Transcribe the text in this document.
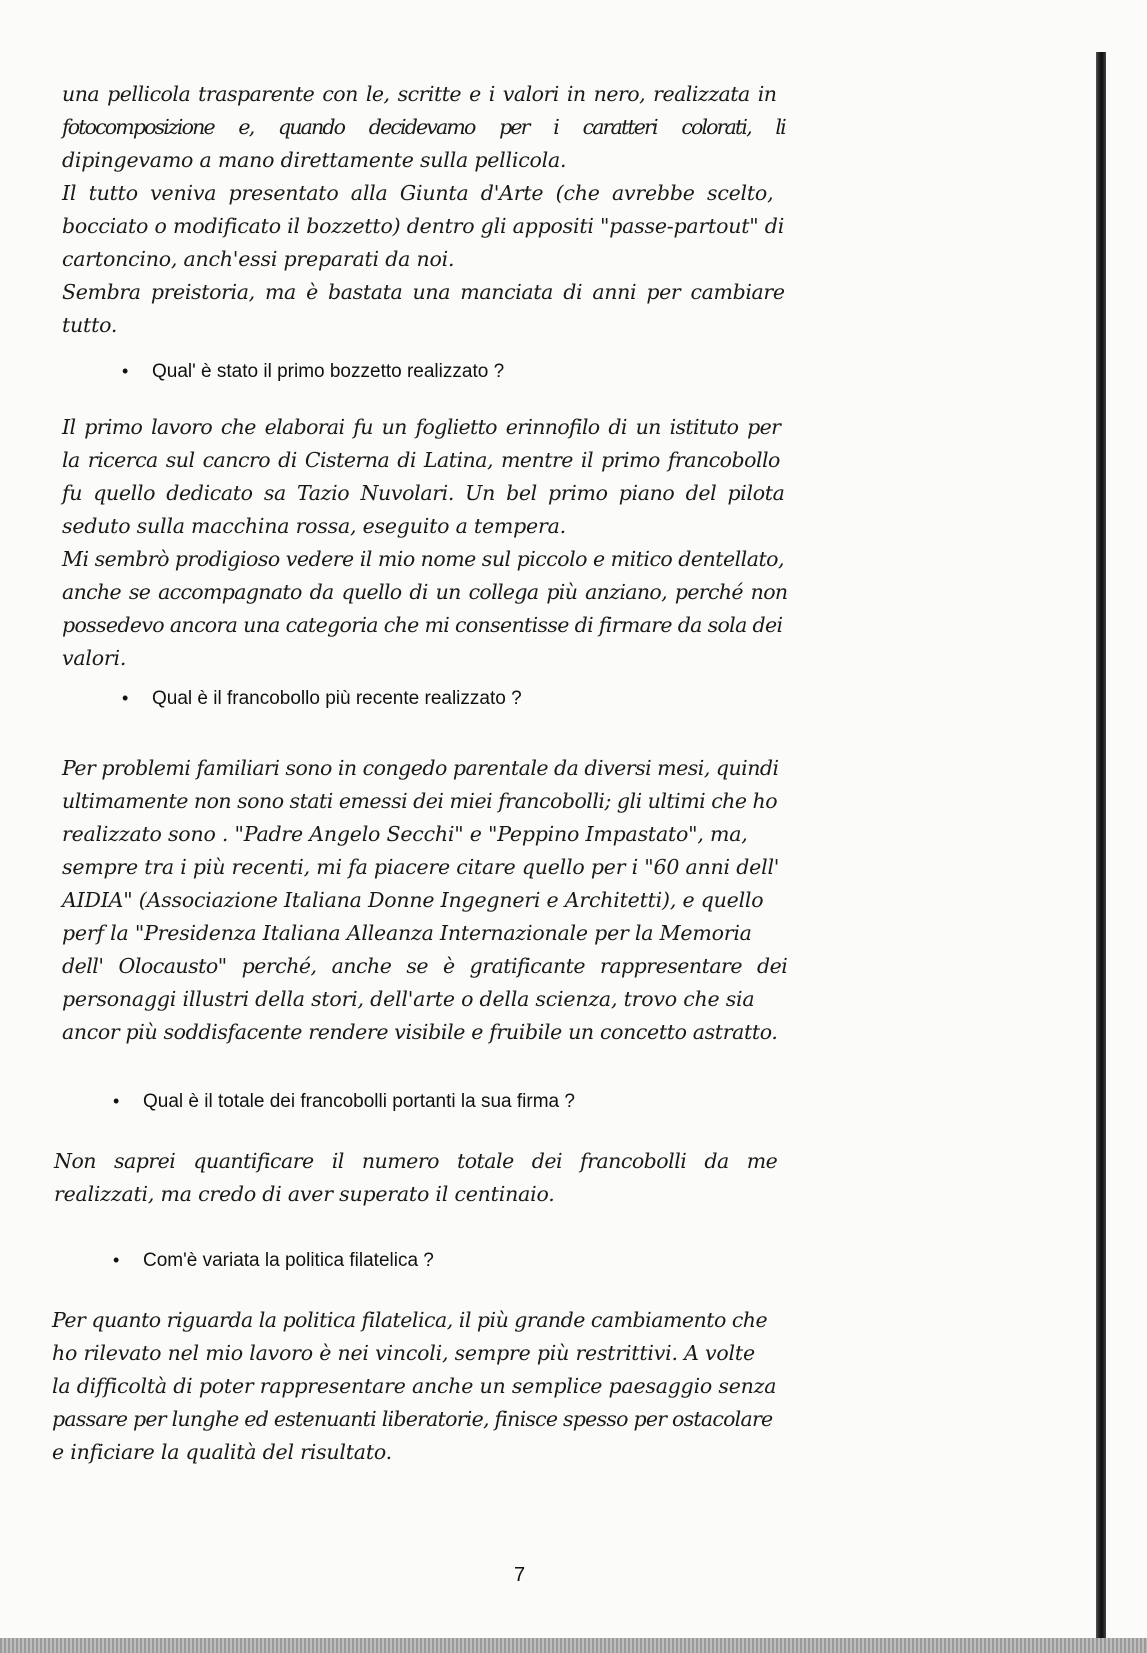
una pellicola trasparente con le, scritte e i valori in nero, realizzata in
fotocomposizione e, quando decidevamo per i caratteri colorati, li
dipingevamo a mano direttamente sulla pellicola.
Il tutto veniva presentato alla Giunta d'Arte (che avrebbe scelto,
bocciato o modificato il bozzetto) dentro gli appositi "passe-partout" di
cartoncino, anch'essi preparati da noi.
Sembra preistoria, ma è bastata una manciata di anni per cambiare
tutto.
• Qual' è stato il primo bozzetto realizzato ?
Il primo lavoro che elaborai fu un foglietto erinnofilo di un istituto per
la ricerca sul cancro di Cisterna di Latina, mentre il primo francobollo
fu quello dedicato sa Tazio Nuvolari. Un bel primo piano del pilota
seduto sulla macchina rossa, eseguito a tempera.
Mi sembrò prodigioso vedere il mio nome sul piccolo e mitico dentellato,
anche se accompagnato da quello di un collega più anziano, perché non
possedevo ancora una categoria che mi consentisse di firmare da sola dei
valori.
• Qual è il francobollo più recente realizzato ?
Per problemi familiari sono in congedo parentale da diversi mesi, quindi
ultimamente non sono stati emessi dei miei francobolli; gli ultimi che ho
realizzato sono . "Padre Angelo Secchi" e "Peppino Impastato", ma,
sempre tra i più recenti, mi fa piacere citare quello per i "60 anni dell'
AIDIA" (Associazione Italiana Donne Ingegneri e Architetti), e quello
perf la "Presidenza Italiana Alleanza Internazionale per la Memoria
dell' Olocausto" perché, anche se è gratificante rappresentare dei
personaggi illustri della stori, dell'arte o della scienza, trovo che sia
ancor più soddisfacente rendere visibile e fruibile un concetto astratto.
• Qual è il totale dei francobolli portanti la sua firma ?
Non saprei quantificare il numero totale dei francobolli da me
realizzati, ma credo di aver superato il centinaio.
• Com'è variata la politica filatelica ?
Per quanto riguarda la politica filatelica, il più grande cambiamento che
ho rilevato nel mio lavoro è nei vincoli, sempre più restrittivi. A volte
la difficoltà di poter rappresentare anche un semplice paesaggio senza
passare per lunghe ed estenuanti liberatorie, finisce spesso per ostacolare
e inficiare la qualità del risultato.
7
